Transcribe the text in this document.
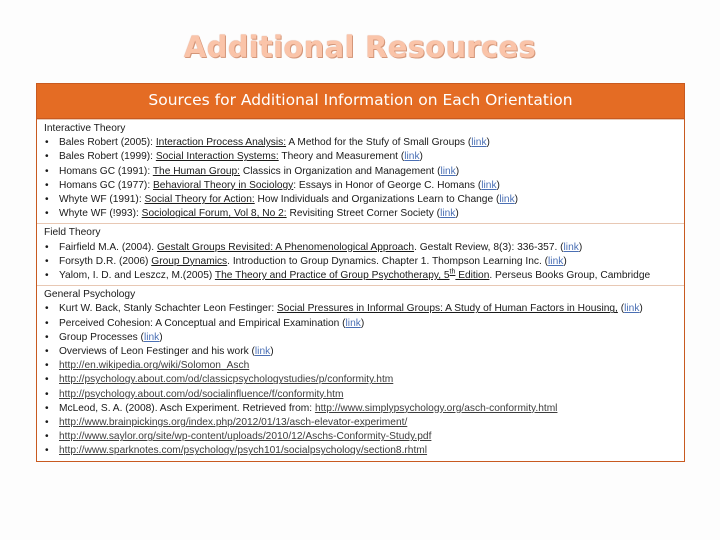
Additional Resources
Sources for Additional Information on Each Orientation
Interactive Theory
• Bales Robert (2005): Interaction Process Analysis: A Method for the Stufy of Small Groups (link)
• Bales Robert (1999): Social Interaction Systems: Theory and Measurement (link)
• Homans GC (1991): The Human Group: Classics in Organization and Management (link)
• Homans GC (1977): Behavioral Theory in Sociology: Essays in Honor of George C. Homans (link)
• Whyte WF (1991): Social Theory for Action: How Individuals and Organizations Learn to Change (link)
• Whyte WF (!993): Sociological Forum, Vol 8, No 2: Revisiting Street Corner Society (link)
Field Theory
• Fairfield M.A. (2004). Gestalt Groups Revisited: A Phenomenological Approach. Gestalt Review, 8(3): 336-357. (link)
• Forsyth D.R. (2006) Group Dynamics. Introduction to Group Dynamics. Chapter 1. Thompson Learning Inc. (link)
• Yalom, I. D. and Leszcz, M.(2005) The Theory and Practice of Group Psychotherapy, 5th Edition. Perseus Books Group, Cambridge
General Psychology
• Kurt W. Back, Stanly Schachter Leon Festinger: Social Pressures in Informal Groups: A Study of Human Factors in Housing, (link)
• Perceived Cohesion: A Conceptual and Empirical Examination (link)
• Group Processes (link)
• Overviews of Leon Festinger and his work (link)
• http://en.wikipedia.org/wiki/Solomon_Asch
• http://psychology.about.com/od/classicpsychologystudies/p/conformity.htm
• http://psychology.about.com/od/socialinfluence/f/conformity.htm
• McLeod, S. A. (2008). Asch Experiment. Retrieved from: http://www.simplypsychology.org/asch-conformity.html
• http://www.brainpickings.org/index.php/2012/01/13/asch-elevator-experiment/
• http://www.saylor.org/site/wp-content/uploads/2010/12/Aschs-Conformity-Study.pdf
• http://www.sparknotes.com/psychology/psych101/socialpsychology/section8.rhtml
